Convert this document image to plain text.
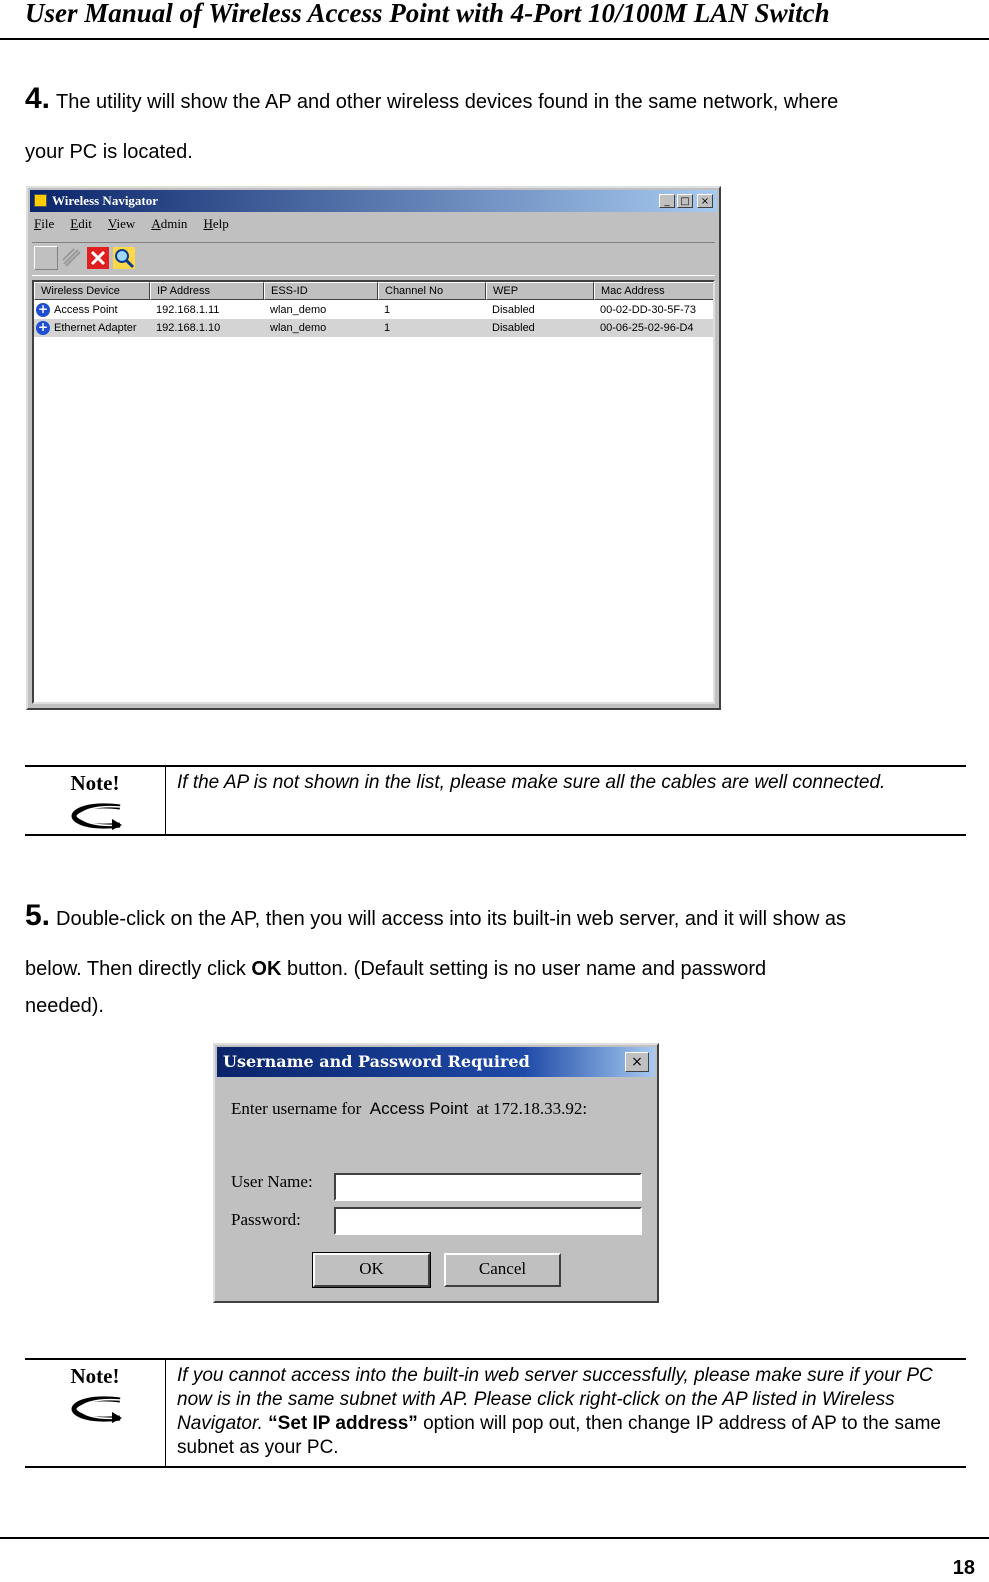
User Manual of Wireless Access Point with 4-Port 10/100M LAN Switch
4. The utility will show the AP and other wireless devices found in the same network, where
your PC is located.
Wireless Navigator	_	□	×
File Edit View Admin Help
Wireless Device	IP Address	ESS-ID	Channel No	WEP	Mac Address
+ Access Point	192.168.1.11	wlan_demo	1	Disabled	00-02-DD-30-5F-73
+ Ethernet Adapter	192.168.1.10	wlan_demo	1	Disabled	00-06-25-02-96-D4
Note!	If the AP is not shown in the list, please make sure all the cables are well connected.
5. Double-click on the AP, then you will access into its built-in web server, and it will show as
below. Then directly click OK button. (Default setting is no user name and password
needed).
Username and Password Required	×
Enter username for Access Point at 172.18.33.92:
User Name:
Password:
OK	Cancel
Note!	If you cannot access into the built-in web server successfully, please make sure if your PC now is in the same subnet with AP. Please click right-click on the AP listed in Wireless Navigator. “Set IP address” option will pop out, then change IP address of AP to the same subnet as your PC.
18
